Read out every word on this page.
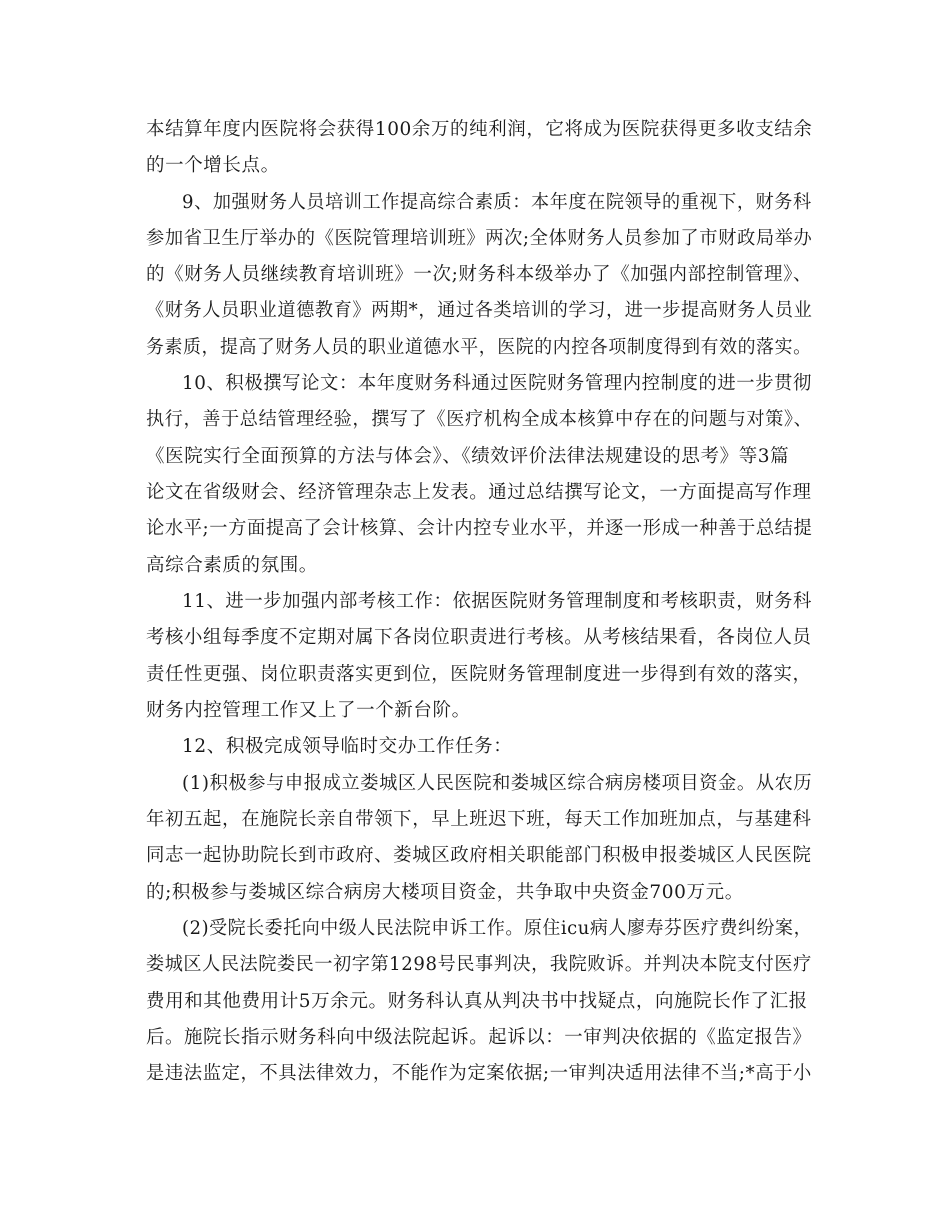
本结算年度内医院将会获得100余万的纯利润，它将成为医院获得更多收支结余
的一个增长点。
9、加强财务人员培训工作提高综合素质：本年度在院领导的重视下，财务科
参加省卫生厅举办的《医院管理培训班》两次;全体财务人员参加了市财政局举办
的《财务人员继续教育培训班》一次;财务科本级举办了《加强内部控制管理》、
《财务人员职业道德教育》两期*，通过各类培训的学习，进一步提高财务人员业
务素质，提高了财务人员的职业道德水平，医院的内控各项制度得到有效的落实。
10、积极撰写论文：本年度财务科通过医院财务管理内控制度的进一步贯彻
执行，善于总结管理经验，撰写了《医疗机构全成本核算中存在的问题与对策》、
《医院实行全面预算的方法与体会》、《绩效评价法律法规建设的思考》等3篇
论文在省级财会、经济管理杂志上发表。通过总结撰写论文，一方面提高写作理
论水平;一方面提高了会计核算、会计内控专业水平，并逐一形成一种善于总结提
高综合素质的氛围。
11、进一步加强内部考核工作：依据医院财务管理制度和考核职责，财务科
考核小组每季度不定期对属下各岗位职责进行考核。从考核结果看，各岗位人员
责任性更强、岗位职责落实更到位，医院财务管理制度进一步得到有效的落实，
财务内控管理工作又上了一个新台阶。
12、积极完成领导临时交办工作任务：
(1)积极参与申报成立娄城区人民医院和娄城区综合病房楼项目资金。从农历
年初五起，在施院长亲自带领下，早上班迟下班，每天工作加班加点，与基建科
同志一起协助院长到市政府、娄城区政府相关职能部门积极申报娄城区人民医院
的;积极参与娄城区综合病房大楼项目资金，共争取中央资金700万元。
(2)受院长委托向中级人民法院申诉工作。原住icu病人廖寿芬医疗费纠纷案，
娄城区人民法院娄民一初字第1298号民事判决，我院败诉。并判决本院支付医疗
费用和其他费用计5万余元。财务科认真从判决书中找疑点，向施院长作了汇报
后。施院长指示财务科向中级法院起诉。起诉以：一审判决依据的《监定报告》
是违法监定，不具法律效力，不能作为定案依据;一审判决适用法律不当;*高于小
